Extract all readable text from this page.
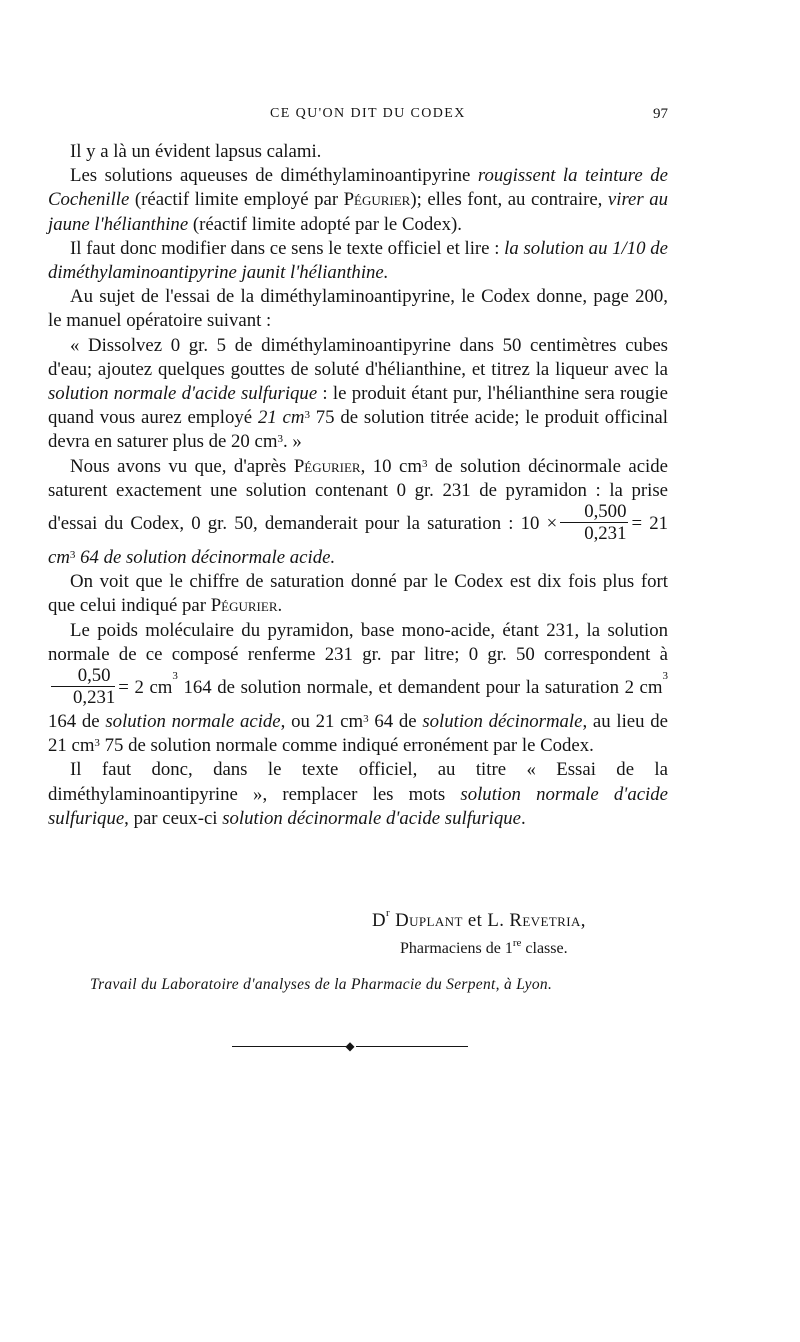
CE QU'ON DIT DU CODEX	97

Il y a là un évident lapsus calami.

Les solutions aqueuses de diméthylaminoantipyrine rougissent la teinture de Cochenille (réactif limite employé par Pégurier); elles font, au contraire, virer au jaune l'hélianthine (réactif limite adopté par le Codex).

Il faut donc modifier dans ce sens le texte officiel et lire : la solution au 1/10 de diméthylaminoantipyrine jaunit l'hélianthine.

Au sujet de l'essai de la diméthylaminoantipyrine, le Codex donne, page 200, le manuel opératoire suivant :

« Dissolvez 0 gr. 5 de diméthylaminoantipyrine dans 50 centimètres cubes d'eau; ajoutez quelques gouttes de soluté d'hélianthine, et titrez la liqueur avec la solution normale d'acide sulfurique : le produit étant pur, l'hélianthine sera rougie quand vous aurez employé 21 $cm^3$ 75 de solution titrée acide; le produit officinal devra en saturer plus de 20 $cm^3$. »

Nous avons vu que, d'après Pégurier, 10 $cm^3$ de solution décinormale acide saturent exactement une solution contenant 0 gr. 231 de pyramidon : la prise d'essai du Codex, 0 gr. 50, demanderait pour la saturation : $10 \times \frac{0,500}{0,231} = 21$ $cm^3$ 64 de solution décinormale acide.

On voit que le chiffre de saturation donné par le Codex est dix fois plus fort que celui indiqué par Pégurier.

Le poids moléculaire du pyramidon, base mono-acide, étant 231, la solution normale de ce composé renferme 231 gr. par litre; 0 gr. 50 correspondent à
$\frac{0,50}{0,231} = 2$ $cm^3$ 164 de solution normale, et demandent pour la saturation 2 $cm^3$ 164 de solution normale acide, ou 21 $cm^3$ 64 de solution décinormale, au lieu de 21 $cm^3$ 75 de solution normale comme indiqué erronément par le Codex.

Il faut donc, dans le texte officiel, au titre « Essai de la diméthylaminoantipyrine », remplacer les mots solution normale d'acide sulfurique, par ceux-ci solution décinormale d'acide sulfurique.

$D^r$ Duplant et L. Revetria,
Pharmaciens de 1re classe.
Travail du Laboratoire d'analyses de la Pharmacie du Serpent, à Lyon.
◆
